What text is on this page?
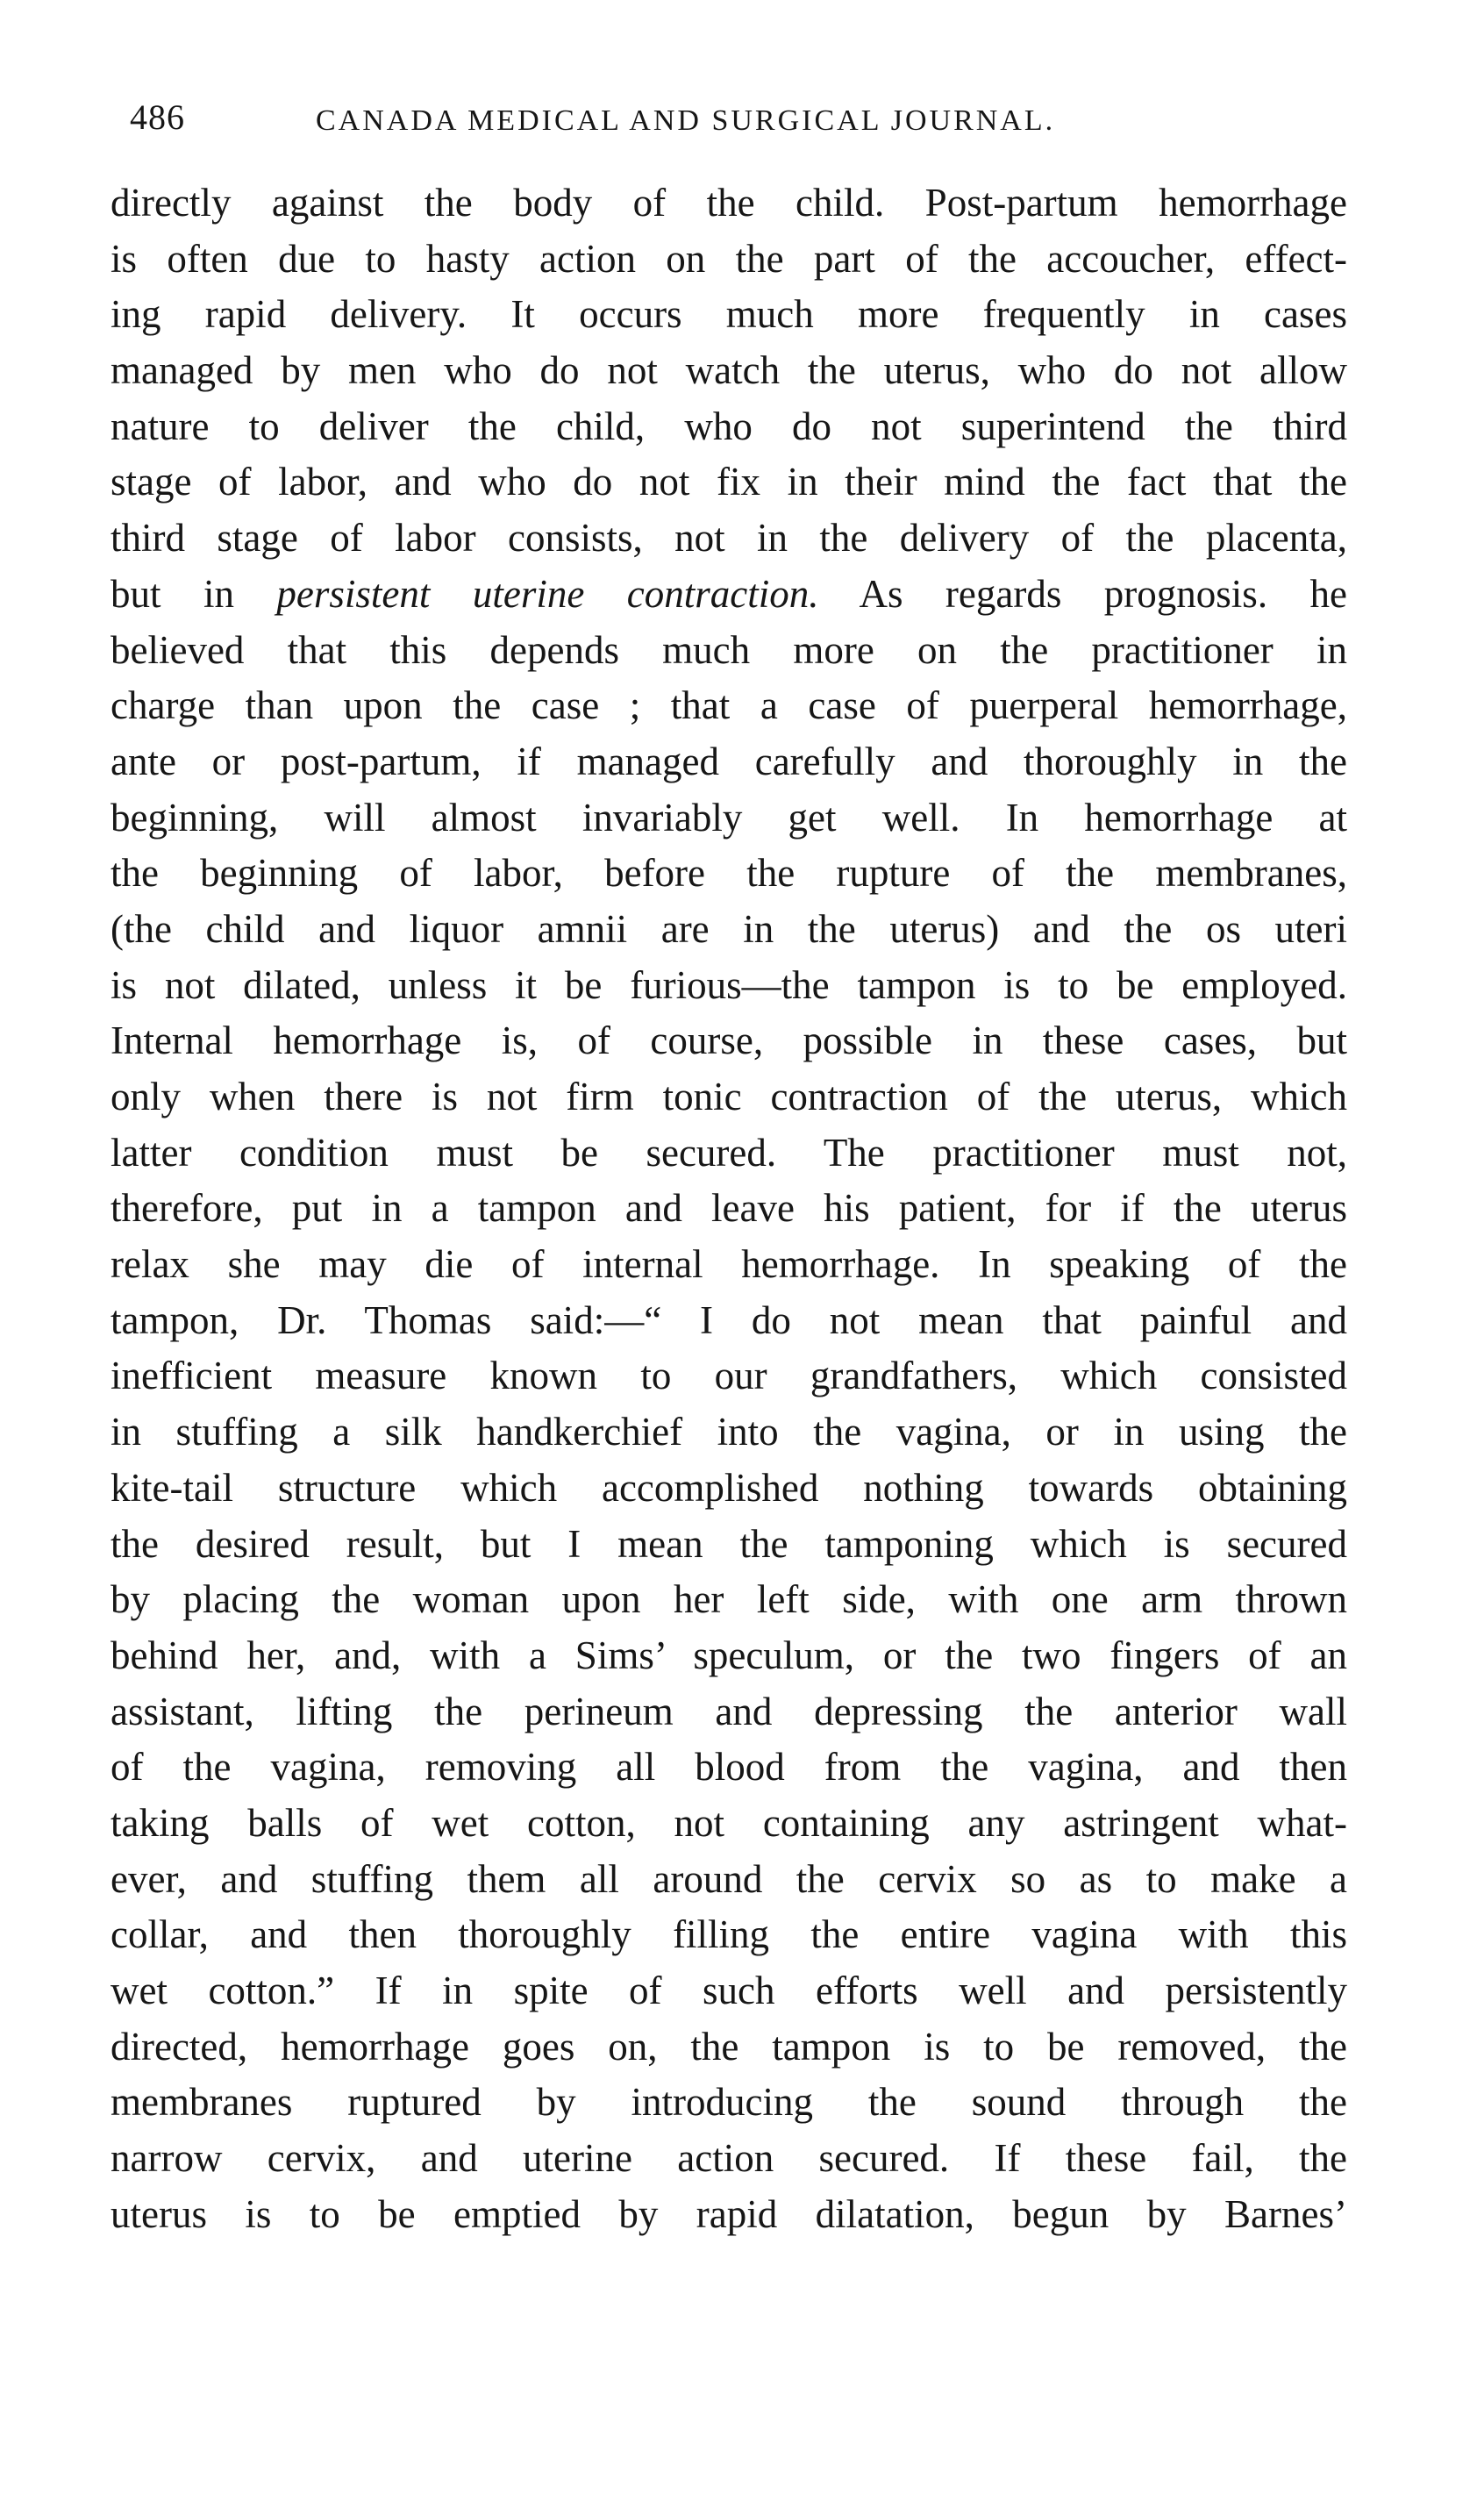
486	CANADA MEDICAL AND SURGICAL JOURNAL.
directly against the body of the child. Post-partum hemorrhage
is often due to hasty action on the part of the accoucher, effect-
ing rapid delivery. It occurs much more frequently in cases
managed by men who do not watch the uterus, who do not allow
nature to deliver the child, who do not superintend the third
stage of labor, and who do not fix in their mind the fact that the
third stage of labor consists, not in the delivery of the placenta,
but in persistent uterine contraction. As regards prognosis. he
believed that this depends much more on the practitioner in
charge than upon the case ; that a case of puerperal hemorrhage,
ante or post-partum, if managed carefully and thoroughly in the
beginning, will almost invariably get well. In hemorrhage at
the beginning of labor, before the rupture of the membranes,
(the child and liquor amnii are in the uterus) and the os uteri
is not dilated, unless it be furious—the tampon is to be employed.
Internal hemorrhage is, of course, possible in these cases, but
only when there is not firm tonic contraction of the uterus, which
latter condition must be secured. The practitioner must not,
therefore, put in a tampon and leave his patient, for if the uterus
relax she may die of internal hemorrhage. In speaking of the
tampon, Dr. Thomas said:—“ I do not mean that painful and
inefficient measure known to our grandfathers, which consisted
in stuffing a silk handkerchief into the vagina, or in using the
kite-tail structure which accomplished nothing towards obtaining
the desired result, but I mean the tamponing which is secured
by placing the woman upon her left side, with one arm thrown
behind her, and, with a Sims’ speculum, or the two fingers of an
assistant, lifting the perineum and depressing the anterior wall
of the vagina, removing all blood from the vagina, and then
taking balls of wet cotton, not containing any astringent what-
ever, and stuffing them all around the cervix so as to make a
collar, and then thoroughly filling the entire vagina with this
wet cotton.” If in spite of such efforts well and persistently
directed, hemorrhage goes on, the tampon is to be removed, the
membranes ruptured by introducing the sound through the
narrow cervix, and uterine action secured. If these fail, the
uterus is to be emptied by rapid dilatation, begun by Barnes’
